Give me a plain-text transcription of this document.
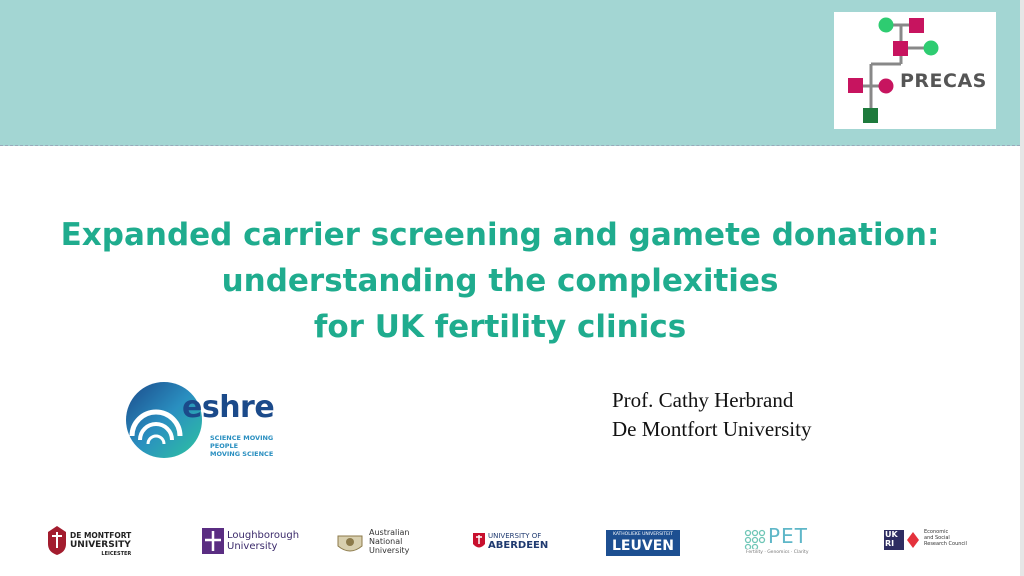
PRECAS
Expanded carrier screening and gamete donation:
understanding the complexities
for UK fertility clinics
eshre
SCIENCE MOVING
PEOPLE
MOVING SCIENCE
Prof. Cathy Herbrand
De Montfort University
DE MONTFORT
UNIVERSITY
LEICESTER
Loughborough
University
Australian
National
University
UNIVERSITY OF
ABERDEEN
KATHOLIEKE UNIVERSITEIT
LEUVEN	PET
Fertility · Genomics · Clarity
UK
RI
Economic
and Social
Research Council
